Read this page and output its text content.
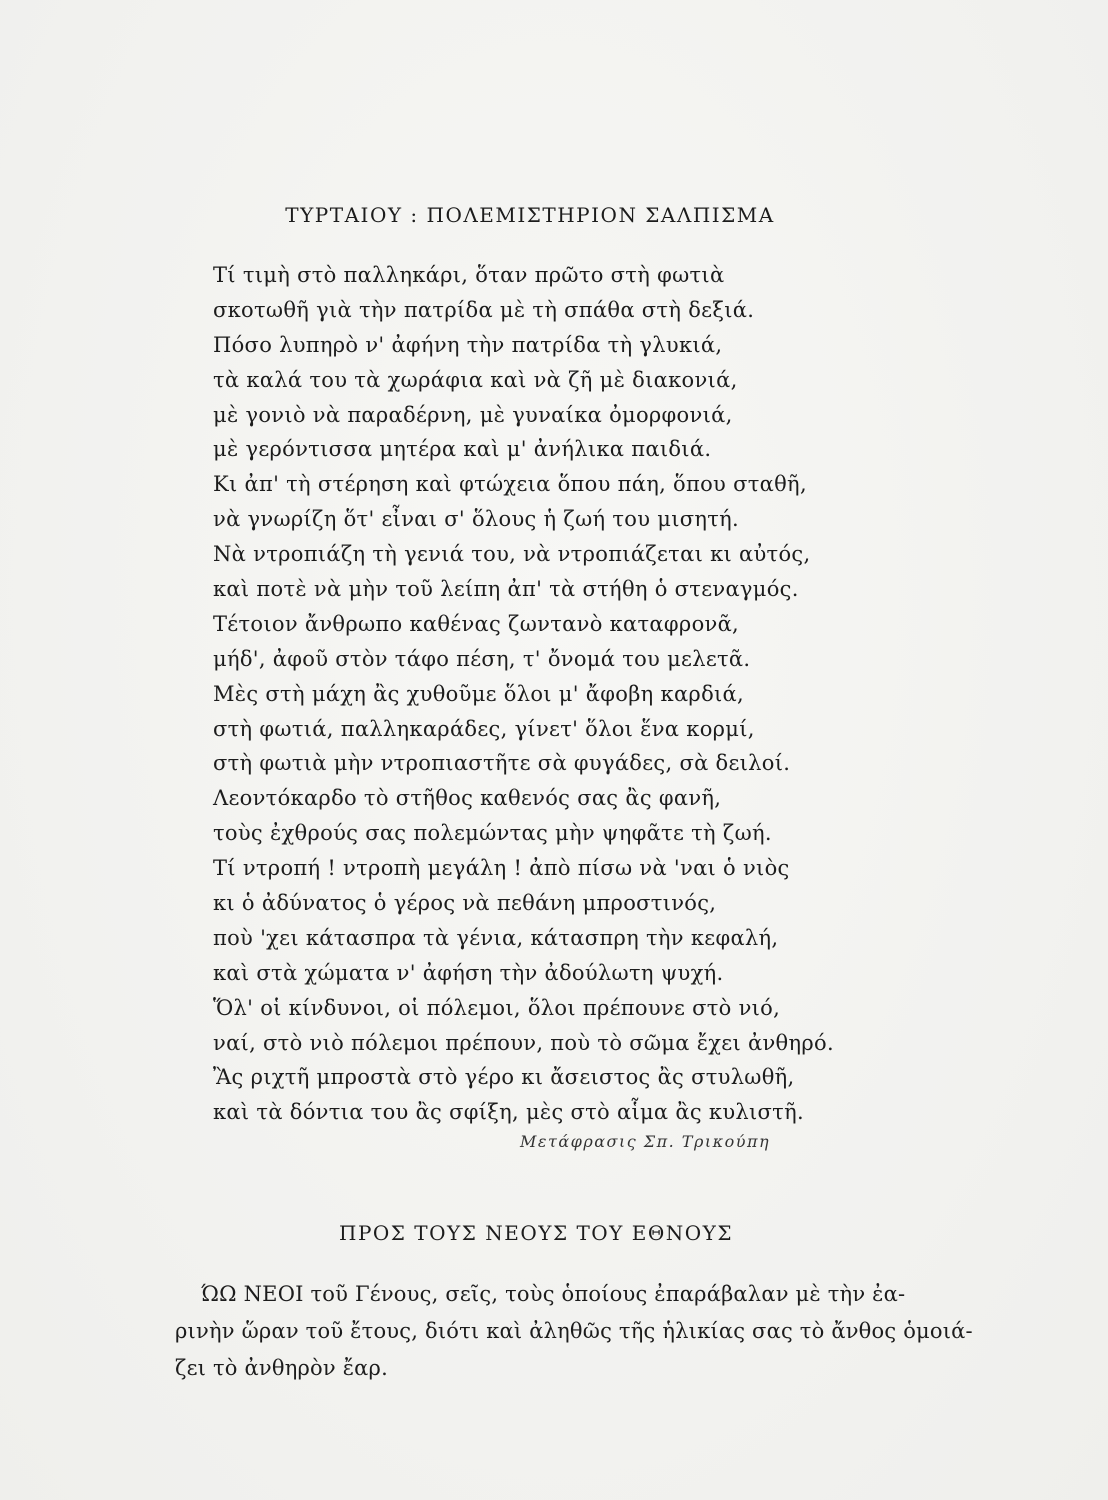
ΤΥΡΤΑΙΟΥ : ΠΟΛΕΜΙΣΤΗΡΙΟΝ ΣΑΛΠΙΣΜΑ
Τί τιμὴ στὸ παλληκάρι, ὅταν πρῶτο στὴ φωτιὰ
σκοτωθῆ γιὰ τὴν πατρίδα μὲ τὴ σπάθα στὴ δεξιά.
Πόσο λυπηρὸ ν' ἀφήνη τὴν πατρίδα τὴ γλυκιά,
τὰ καλά του τὰ χωράφια καὶ νὰ ζῆ μὲ διακονιά,
μὲ γονιὸ νὰ παραδέρνη, μὲ γυναίκα ὀμορφονιά,
μὲ γερόντισσα μητέρα καὶ μ' ἀνήλικα παιδιά.
Κι ἀπ' τὴ στέρηση καὶ φτώχεια ὅπου πάη, ὅπου σταθῆ,
νὰ γνωρίζη ὅτ' εἶναι σ' ὅλους ἡ ζωή του μισητή.
Νὰ ντροπιάζη τὴ γενιά του, νὰ ντροπιάζεται κι αὐτός,
καὶ ποτὲ νὰ μὴν τοῦ λείπη ἀπ' τὰ στήθη ὁ στεναγμός.
Τέτοιον ἄνθρωπο καθένας ζωντανὸ καταφρονᾶ,
μήδ', ἀφοῦ στὸν τάφο πέση, τ' ὄνομά του μελετᾶ.
Μὲς στὴ μάχη ἂς χυθοῦμε ὅλοι μ' ἄφοβη καρδιά,
στὴ φωτιά, παλληκαράδες, γίνετ' ὅλοι ἕνα κορμί,
στὴ φωτιὰ μὴν ντροπιαστῆτε σὰ φυγάδες, σὰ δειλοί.
Λεοντόκαρδο τὸ στῆθος καθενός σας ἂς φανῆ,
τοὺς ἐχθρούς σας πολεμώντας μὴν ψηφᾶτε τὴ ζωή.
Τί ντροπή ! ντροπὴ μεγάλη ! ἀπὸ πίσω νὰ 'ναι ὁ νιὸς
κι ὁ ἀδύνατος ὁ γέρος νὰ πεθάνη μπροστινός,
ποὺ 'χει κάτασπρα τὰ γένια, κάτασπρη τὴν κεφαλή,
καὶ στὰ χώματα ν' ἀφήση τὴν ἀδούλωτη ψυχή.
Ὅλ' οἱ κίνδυνοι, οἱ πόλεμοι, ὅλοι πρέπουνε στὸ νιό,
ναί, στὸ νιὸ πόλεμοι πρέπουν, ποὺ τὸ σῶμα ἔχει ἀνθηρό.
Ἂς ριχτῆ μπροστὰ στὸ γέρο κι ἄσειστος ἂς στυλωθῆ,
καὶ τὰ δόντια του ἂς σφίξη, μὲς στὸ αἷμα ἂς κυλιστῆ.
Μετάφρασις Σπ. Τρικούπη
ΠΡΟΣ ΤΟΥΣ ΝΕΟΥΣ ΤΟΥ ΕΘΝΟΥΣ
ΏΩ ΝΕΟΙ τοῦ Γένους, σεῖς, τοὺς ὁποίους ἐπαράβαλαν μὲ τὴν ἐα-
ρινὴν ὥραν τοῦ ἔτους, διότι καὶ ἀληθῶς τῆς ἡλικίας σας τὸ ἄνθος ὁμοιά-
ζει τὸ ἀνθηρὸν ἔαρ.
